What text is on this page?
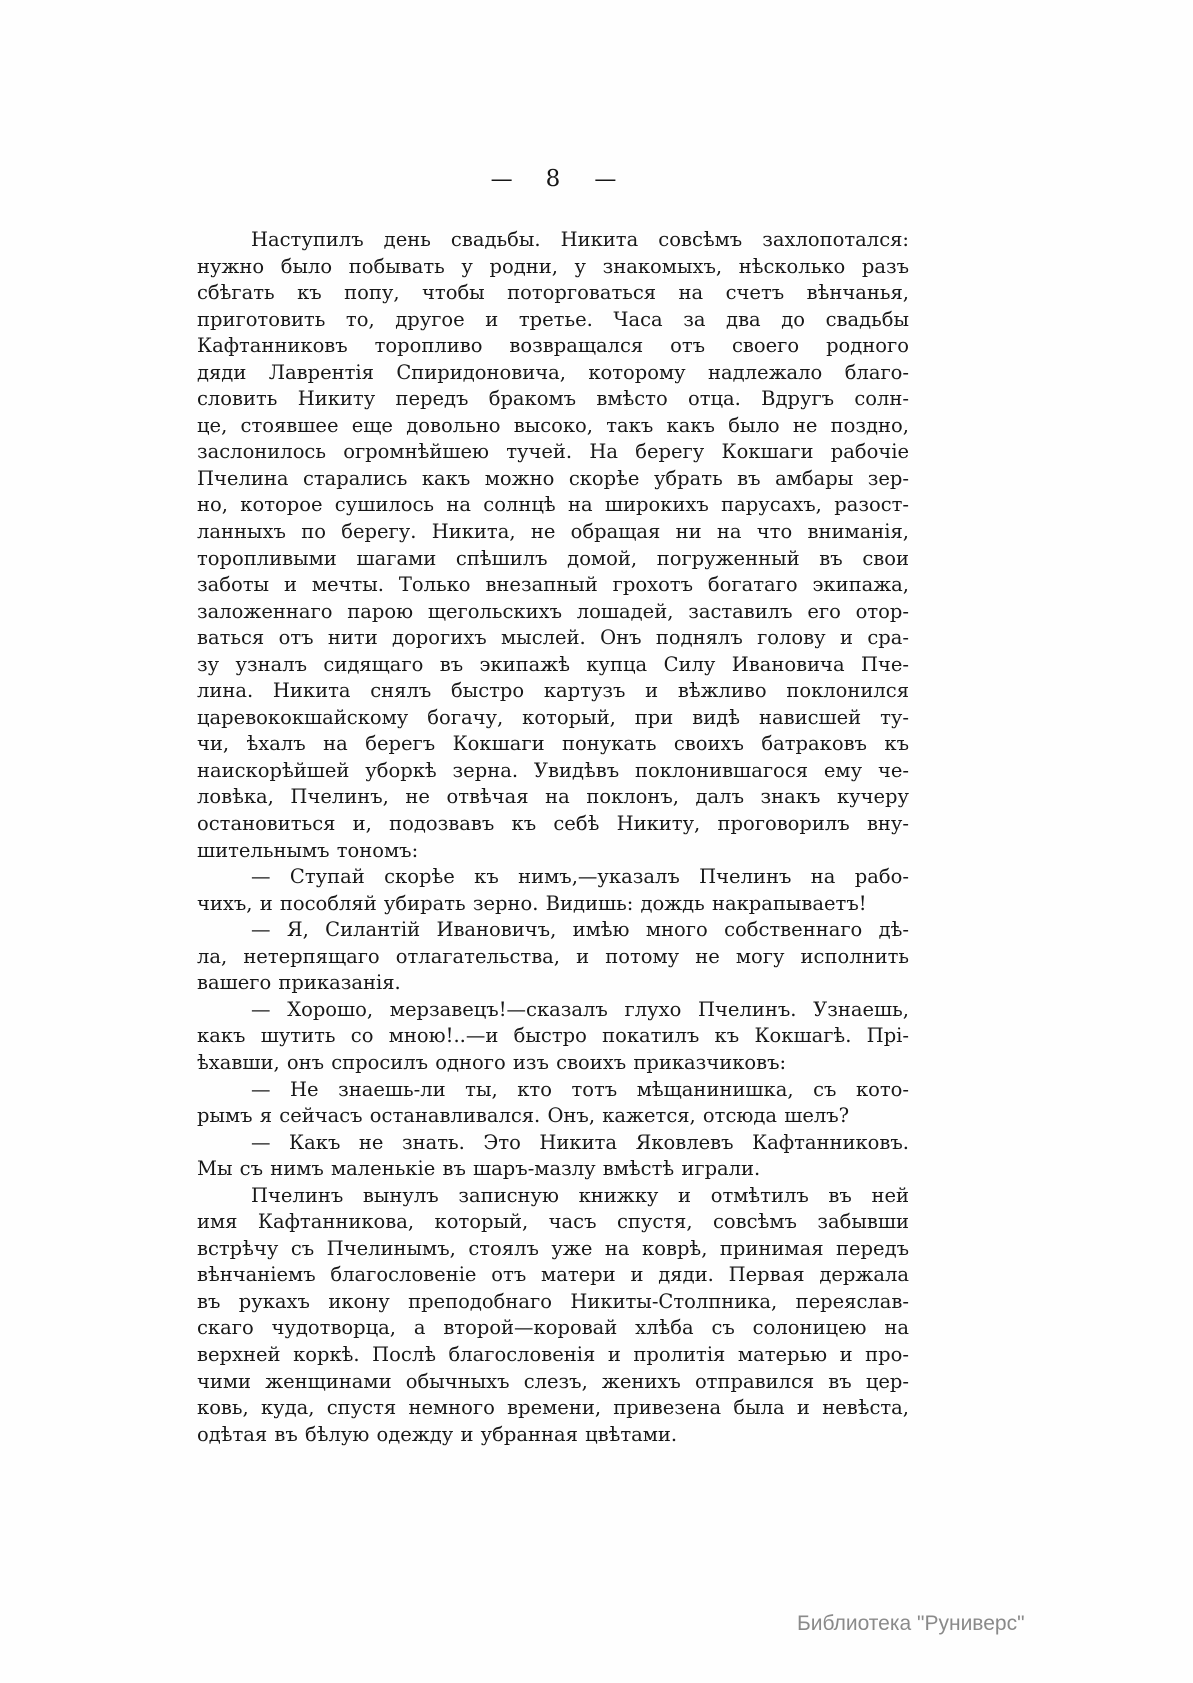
— 8 —
Наступилъ день свадьбы. Никита совсѣмъ захлопотался:
нужно было побывать у родни, у знакомыхъ, нѣсколько разъ
сбѣгать къ попу, чтобы поторговаться на счетъ вѣнчанья,
приготовить то, другое и третье. Часа за два до свадьбы
Кафтанниковъ торопливо возвращался отъ своего родного
дяди Лаврентія Спиридоновича, которому надлежало благо-
словить Никиту передъ бракомъ вмѣсто отца. Вдругъ солн-
це, стоявшее еще довольно высоко, такъ какъ было не поздно,
заслонилось огромнѣйшею тучей. На берегу Кокшаги рабочіе
Пчелина старались какъ можно скорѣе убрать въ амбары зер-
но, которое сушилось на солнцѣ на широкихъ парусахъ, разост-
ланныхъ по берегу. Никита, не обращая ни на что вниманія,
торопливыми шагами спѣшилъ домой, погруженный въ свои
заботы и мечты. Только внезапный грохотъ богатаго экипажа,
заложеннаго парою щегольскихъ лошадей, заставилъ его отор-
ваться отъ нити дорогихъ мыслей. Онъ поднялъ голову и сра-
зу узналъ сидящаго въ экипажѣ купца Силу Ивановича Пче-
лина. Никита снялъ быстро картузъ и вѣжливо поклонился
царевококшайскому богачу, который, при видѣ нависшей ту-
чи, ѣхалъ на берегъ Кокшаги понукать своихъ батраковъ къ
наискорѣйшей уборкѣ зерна. Увидѣвъ поклонившагося ему че-
ловѣка, Пчелинъ, не отвѣчая на поклонъ, далъ знакъ кучеру
остановиться и, подозвавъ къ себѣ Никиту, проговорилъ вну-
шительнымъ тономъ:
— Ступай скорѣе къ нимъ,—указалъ Пчелинъ на рабо-
чихъ, и пособляй убирать зерно. Видишь: дождь накрапываетъ!
— Я, Силантій Ивановичъ, имѣю много собственнаго дѣ-
ла, нетерпящаго отлагательства, и потому не могу исполнить
вашего приказанія.
— Хорошо, мерзавецъ!—сказалъ глухо Пчелинъ. Узнаешь,
какъ шутить со мною!..—и быстро покатилъ къ Кокшагѣ. Прі-
ѣхавши, онъ спросилъ одного изъ своихъ приказчиковъ:
— Не знаешь-ли ты, кто тотъ мѣщанинишка, съ кото-
рымъ я сейчасъ останавливался. Онъ, кажется, отсюда шелъ?
— Какъ не знать. Это Никита Яковлевъ Кафтанниковъ.
Мы съ нимъ маленькіе въ шаръ-мазлу вмѣстѣ играли.
Пчелинъ вынулъ записную книжку и отмѣтилъ въ ней
имя Кафтанникова, который, часъ спустя, совсѣмъ забывши
встрѣчу съ Пчелинымъ, стоялъ уже на коврѣ, принимая передъ
вѣнчаніемъ благословеніе отъ матери и дяди. Первая держала
въ рукахъ икону преподобнаго Никиты-Столпника, переяслав-
скаго чудотворца, а второй—коровай хлѣба съ солоницею на
верхней коркѣ. Послѣ благословенія и пролитія матерью и про-
чими женщинами обычныхъ слезъ, женихъ отправился въ цер-
ковь, куда, спустя немного времени, привезена была и невѣста,
одѣтая въ бѣлую одежду и убранная цвѣтами.
Библиотека "Руниверс"
